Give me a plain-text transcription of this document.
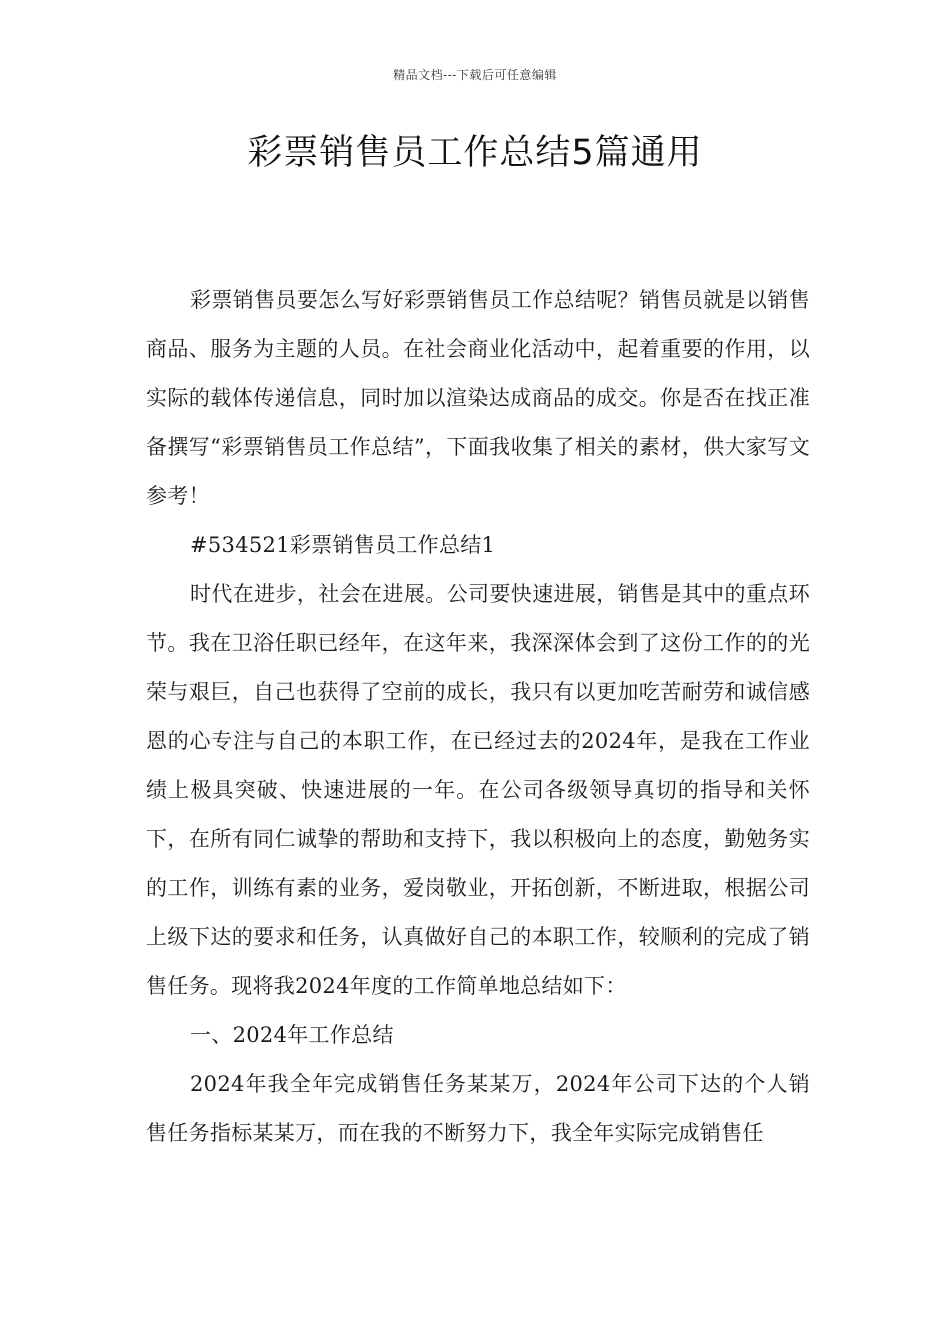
精品文档---下载后可任意编辑
彩票销售员工作总结5篇通用

彩票销售员要怎么写好彩票销售员工作总结呢？销售员就是以销售商品、服务为主题的人员。在社会商业化活动中，起着重要的作用，以实际的载体传递信息，同时加以渲染达成商品的成交。你是否在找正准备撰写“彩票销售员工作总结”，下面我收集了相关的素材，供大家写文参考！

#534521彩票销售员工作总结1

时代在进步，社会在进展。公司要快速进展，销售是其中的重点环节。我在卫浴任职已经年，在这年来，我深深体会到了这份工作的的光荣与艰巨，自己也获得了空前的成长，我只有以更加吃苦耐劳和诚信感恩的心专注与自己的本职工作，在已经过去的2024年，是我在工作业绩上极具突破、快速进展的一年。在公司各级领导真切的指导和关怀下，在所有同仁诚挚的帮助和支持下，我以积极向上的态度，勤勉务实的工作，训练有素的业务，爱岗敬业，开拓创新，不断进取，根据公司上级下达的要求和任务，认真做好自己的本职工作，较顺利的完成了销售任务。现将我2024年度的工作简单地总结如下：

一、2024年工作总结

2024年我全年完成销售任务某某万，2024年公司下达的个人销售任务指标某某万，而在我的不断努力下，我全年实际完成销售任
